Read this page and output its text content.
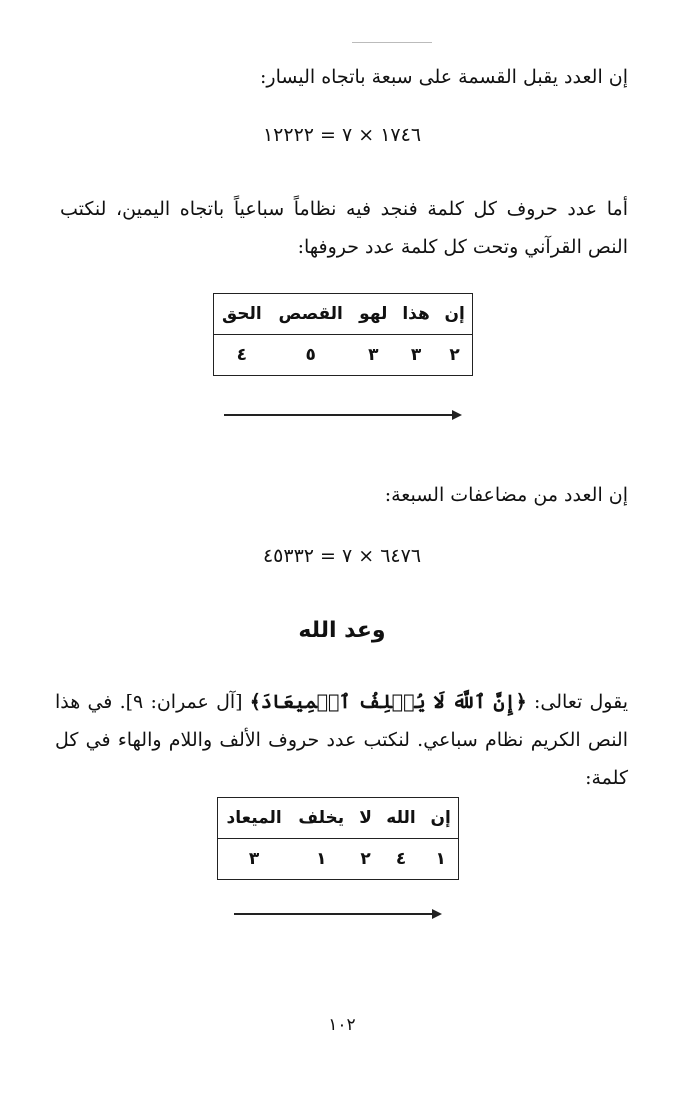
إن العدد يقبل القسمة على سبعة باتجاه اليسار:
١٧٤٦ × ٧ = ١٢٢٢٢
أما عدد حروف كل كلمة فنجد فيه نظاماً سباعياً باتجاه اليمين، لنكتب النص القرآني وتحت كل كلمة عدد حروفها:
إن	هذا	لهو	القصص	الحق
٢	٣	٣	٥	٤
إن العدد من مضاعفات السبعة:
٦٤٧٦ × ٧ = ٤٥٣٣٢
وعد الله
يقول تعالى: ﴿إِنَّ ٱللَّهَ لَا يُخۡلِفُ ٱلۡمِيعَادَ﴾ [آل عمران: ٩]. في هذا النص الكريم نظام سباعي. لنكتب عدد حروف الألف واللام والهاء في كل كلمة:
إن	الله	لا	يخلف	الميعاد
١	٤	٢	١	٣
١٠٢
